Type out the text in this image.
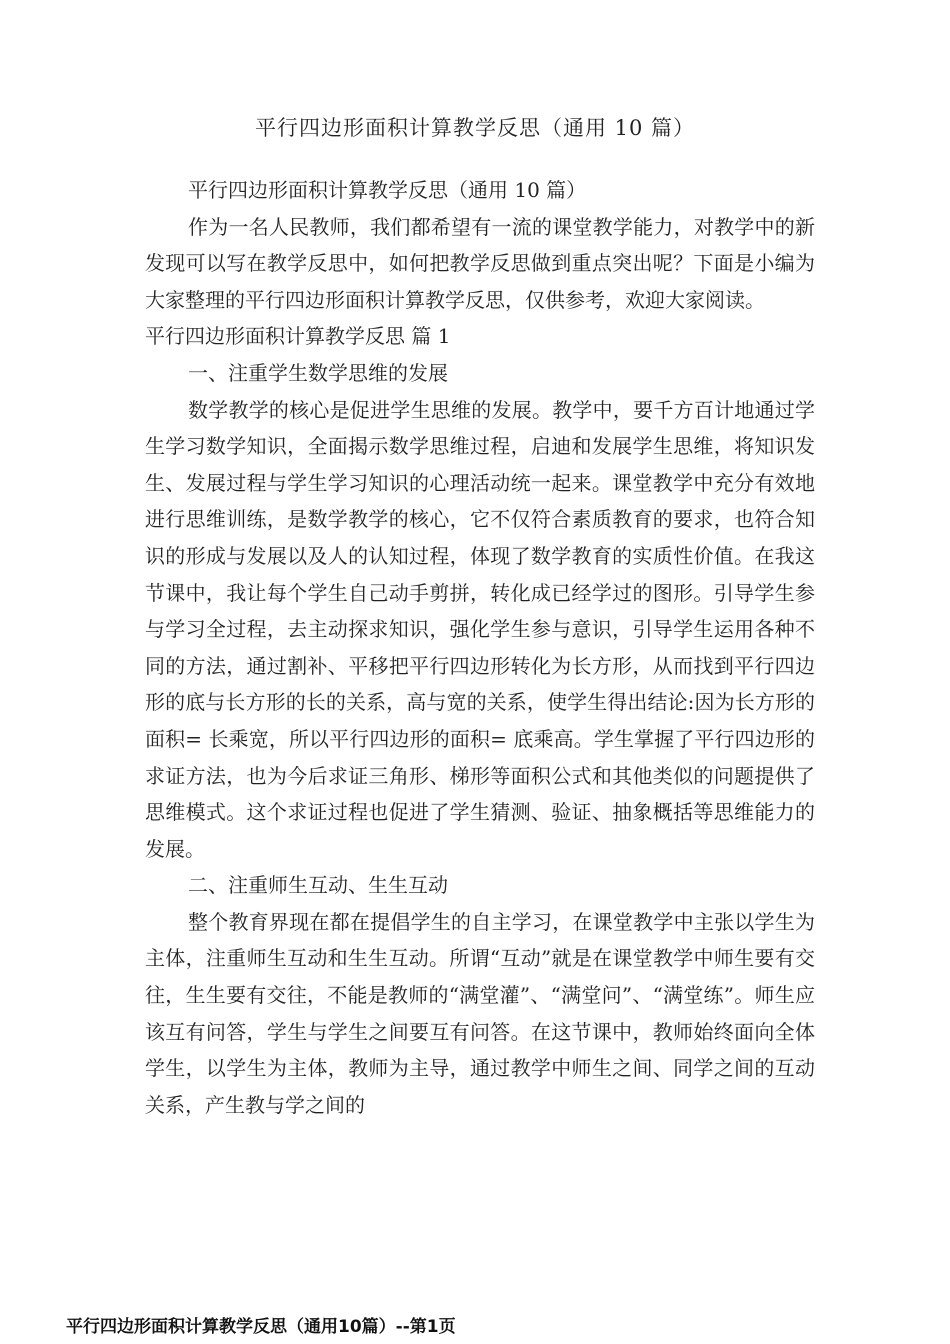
平行四边形面积计算教学反思（通用 10 篇）

平行四边形面积计算教学反思（通用 10 篇）

作为一名人民教师，我们都希望有一流的课堂教学能力，对教学中的新发现可以写在教学反思中，如何把教学反思做到重点突出呢？下面是小编为大家整理的平行四边形面积计算教学反思，仅供参考，欢迎大家阅读。

平行四边形面积计算教学反思 篇 1

一、注重学生数学思维的发展

数学教学的核心是促进学生思维的发展。教学中，要千方百计地通过学生学习数学知识，全面揭示数学思维过程，启迪和发展学生思维，将知识发生、发展过程与学生学习知识的心理活动统一起来。课堂教学中充分有效地进行思维训练，是数学教学的核心，它不仅符合素质教育的要求，也符合知识的形成与发展以及人的认知过程，体现了数学教育的实质性价值。在我这节课中，我让每个学生自己动手剪拼，转化成已经学过的图形。引导学生参与学习全过程，去主动探求知识，强化学生参与意识，引导学生运用各种不同的方法，通过割补、平移把平行四边形转化为长方形，从而找到平行四边形的底与长方形的长的关系，高与宽的关系，使学生得出结论:因为长方形的面积= 长乘宽，所以平行四边形的面积= 底乘高。学生掌握了平行四边形的求证方法，也为今后求证三角形、梯形等面积公式和其他类似的问题提供了思维模式。这个求证过程也促进了学生猜测、验证、抽象概括等思维能力的发展。

二、注重师生互动、生生互动

整个教育界现在都在提倡学生的自主学习，在课堂教学中主张以学生为主体，注重师生互动和生生互动。所谓“互动”就是在课堂教学中师生要有交往，生生要有交往，不能是教师的“满堂灌”、“满堂问”、“满堂练”。师生应该互有问答，学生与学生之间要互有问答。在这节课中，教师始终面向全体学生，以学生为主体，教师为主导，通过教学中师生之间、同学之间的互动关系，产生教与学之间的

平行四边形面积计算教学反思（通用10篇）--第1页
